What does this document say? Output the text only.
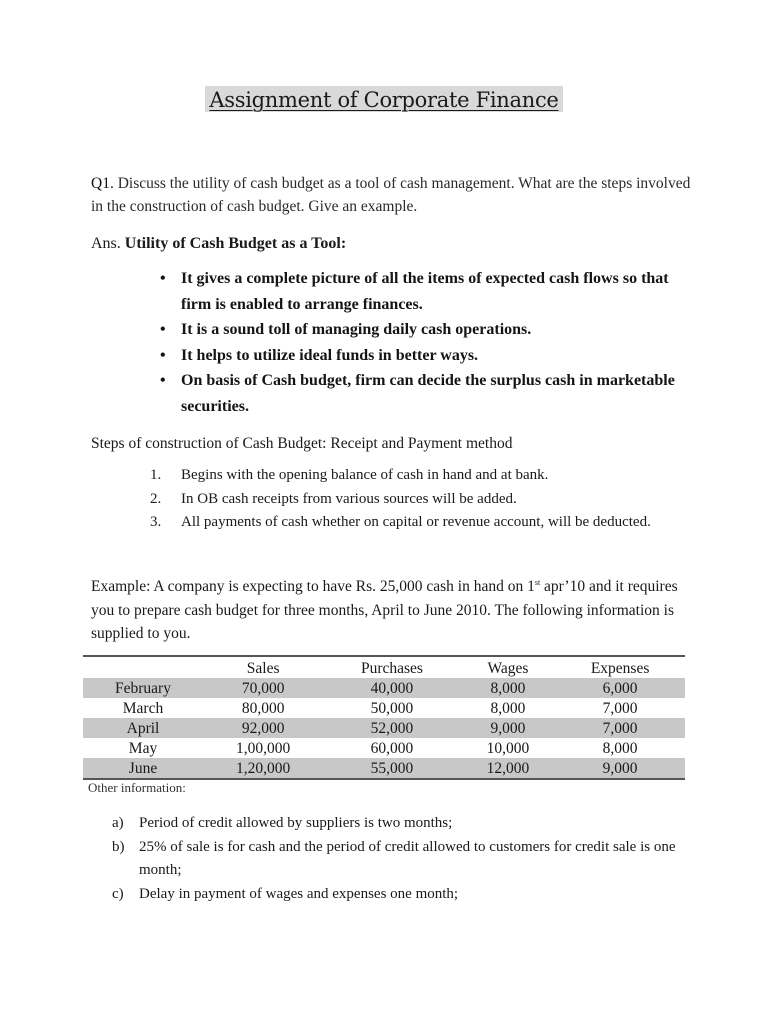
Assignment of Corporate Finance
Q1. Discuss the utility of cash budget as a tool of cash management. What are the steps involved in the construction of cash budget. Give an example.
Ans. Utility of Cash Budget as a Tool:
• It gives a complete picture of all the items of expected cash flows so that firm is enabled to arrange finances.
• It is a sound toll of managing daily cash operations.
• It helps to utilize ideal funds in better ways.
• On basis of Cash budget, firm can decide the surplus cash in marketable securities.
Steps of construction of Cash Budget: Receipt and Payment method
1. Begins with the opening balance of cash in hand and at bank.
2. In OB cash receipts from various sources will be added.
3. All payments of cash whether on capital or revenue account, will be deducted.
Example: A company is expecting to have Rs. 25,000 cash in hand on 1st apr’10 and it requires you to prepare cash budget for three months, April to June 2010. The following information is supplied to you.
	Sales	Purchases	Wages	Expenses
February	70,000	40,000	8,000	6,000
March	80,000	50,000	8,000	7,000
April	92,000	52,000	9,000	7,000
May	1,00,000	60,000	10,000	8,000
June	1,20,000	55,000	12,000	9,000
Other information:
a) Period of credit allowed by suppliers is two months;
b) 25% of sale is for cash and the period of credit allowed to customers for credit sale is one month;
c) Delay in payment of wages and expenses one month;
